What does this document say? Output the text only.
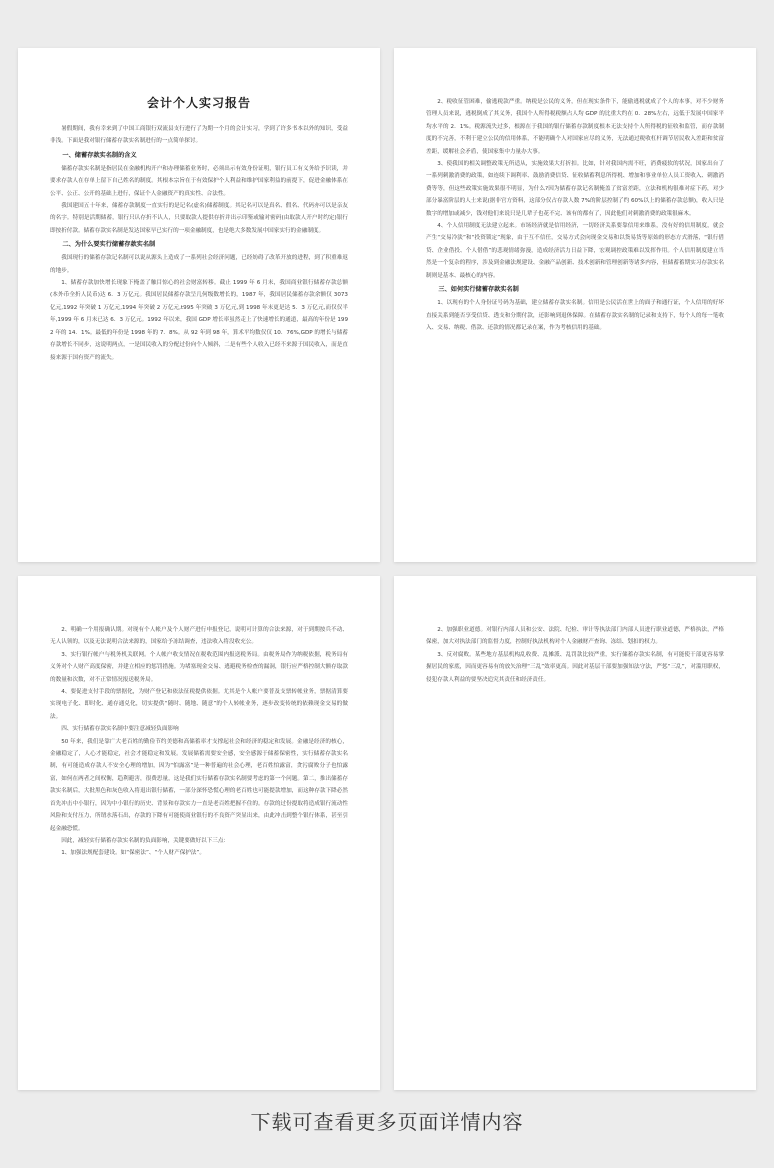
会计个人实习报告

暑假期间，我有幸来到了中国工商银行双流县支行进行了为期一个月的会计实习，学到了许多书本以外的知识，受益非浅。下面是我对银行储蓄存款实名制进行的一点简单探讨。

一、储蓄存款实名制的含义

储蓄存款实名制是指居民在金融机构开户和办理储蓄业务时，必须出示有效身份证明，银行员工有义务给予识读，并要求存款人在存单上留下自己姓名的制度。其根本宗旨在于有效保护个人利益和维护国家利益的前提下，促进金融体系在公平、公正、公开的基础上进行，保证个人金融资产的真实性、合法性。

我国建国五十年来，储蓄存款制度一直实行的是记名(虚名)储蓄制度。其记名可以是真名、假名、代码亦可以是亲友的名字。特别是活期储蓄，银行只认存折不认人，只要取款人提供存折并出示印鉴或输对密码(由取款人开户时约定)银行即按折付款。储蓄存款实名制是发达国家早已实行的一项金融制度，也是绝大多数发展中国家实行的金融制度。

二、为什么要实行储蓄存款实名制

我国现行的储蓄存款记名制可以说从源头上造成了一系列社会经济问题，已经妨碍了改革开放的进程，到了积重难返的地步。

1、储蓄存款加快增长现象下掩盖了触目惊心的社会财富转移。截止 1999 年 6 月末，我国商业银行储蓄存款总额(本外币全折人民币)达 6．3 万亿元。我国居民储蓄存款呈几何级数增长的，1987 年，我国居民储蓄存款余额仅 3073 亿元,1992 年突破 1 万亿元,1994 年突破 2 万亿元,t995 年突破 3 万亿元,到 1998 年末更是达 5．3 万亿元,而仅仅半年,1999 年 6 月末已达 6．3 万亿元。1992 年以来，我国 GDP 增长率虽然走上了快速增长的通道，最高的年份是 1992 年的 14．1%。最低的年份是 1998 年的 7．8%。从 92 年到 98 年，算术平均数仅仅 10．76%,GDP 的增长与储蓄存款增长不同步，这说明两点，一是国民收入的分配过份向个人倾斜，二是有些个人收入已经不来源于国民收入，而是直接来源于国有资产的流失。

2、税收征管困难，偷逃税款严重。纳税是公民的义务，但在现实条件下，能偷逃税就成了个人的本事，对不少财务管理人员来说，逃税倒成了其义务，我国个人所得税税额占人均 GDP 的比重大约在 0．28%左右，远低于发展中国家平均水平的 2．1%。税源流失过多，根源在于我国的银行储蓄存款制度根本无法支持个人所得税的征收和监管，而存款制度的不完善，不利于建立公民的信用体系，不能明确个人对国家应尽的义务，无法通过税收杠杆调节居民收入差距和贫富差距，缓解社会矛盾，使国家集中力量办大事。

3、使我国的相关调整政策无所适从，实施效果大打折扣。比如，针对我国内需不旺，消费疲软的状况，国家出台了一系列刺激消费的政策，如连续下调利率、鼓励消费信贷、征收储蓄利息所得税、增加和事业单位人员工资收入、刺激消费等等，但这些政策实施效果很不明显，为什么?因为储蓄存款记名制掩盖了贫富差距，立法和机构很难对症下药，对少部分暴富阶层的人士来说(据非官方资料，这部分仅占存款人数 7%的阶层控制了约 60%以上的储蓄存款总额)，收入只是数字的增加或减少，钱对他们来说只是几辈子也花不完、该有的都有了，因此他们对刺激消费的政策很麻木。

4、个人信用制度无法建立起来。市场经济就是信用经济，一切经济关系要靠信用来维系，没有好的信用制度，就会产生“交易冷淡”和“投资锁定”现象，由于互不信任，交易方式会向现金交易和以货易货等原始的形态方式滑落，“银行借贷、企业借投、个人借借”的悲观情绪弥漫，造成经济活力日益下降，宏观调控政策难以发挥作用。个人信用制度建立当然是一个复杂的程序，涉及到金融法规建设、金融产品创新、技术创新和管理创新等诸多内容，但储蓄蓄期实习存款实名制则是基本、最核心的内容。

三、如何实行储蓄存款实名制

1、以现有的个人身份证号码为基础，建立储蓄存款实名制。信用是公民活在世上的面子和通行证，个人信用的好坏直接关系到能否享受信贷、透支和分期付款，还影响到退休保障。在储蓄存款实名制的记录和支持下，每个人的每一笔收入、交易、纳税、借款、还款的情况都记录在案，作为考核信用的基础。

2、明确一个用报确认期。对现有个人帐户及个人财产进行申报登记，说明可计算的合法来源，对于到期按兵不动、无人认领的，以及无法说明合法来源的，国家给予冻结调查，违法收入将没收充公。

3、实行银行帐户与税务机关联网。个人帐户收支情况在税收范围内报送税务局。由税务局作为纳税依据，税务局有义务对个人财产高度保密，并建立相应的惩罚措施。为堵塞现金交易、逃避税务检查的漏洞，银行应严格控制大额存取款的数量和次数，对不正常情况报送税务局。

4、要促进支付手段的票据化，为财产登记和依法征税提供依据。尤其是个人帐户要普及支票转帐业务，票据清算要实现电子化、即时化、通存通兑化，切实提供“随时、随地、随意”的个人转帐业务，逐步改变传统的依赖现金交易的做法。

四、实行储蓄存款实名制中要注意减轻负面影响

50 年来，我们是靠广大老百姓的勤俭节约美德和高储蓄率才支撑起社会和经济的稳定和发展。金融是经济的核心，金融稳定了，人心才能稳定，社会才能稳定和发展。发展储蓄需要安全感，安全感源于储蓄保密性，实行储蓄存款实名制，有可能造成存款人不安全心理的增加，因为“怕露富”是一种普遍的社会心理，老百姓怕露富，贪污腐败分子也怕露富，如何在两者之间权衡，趋利避害，很费思量，这是我们实行储蓄存款实名制要考虑的第一个问题。第二，推出储蓄存款实名制后，大批黑色和灰色收入将退出银行储蓄，一部分深怀恐慌心理的老百姓也可能提款增加，而这种存款下降必然首先冲击中小银行，因为中小银行的历史、背景和存款实力一直是老百姓把握不住的。存款的过份提取将造成银行流动性风险和支付压力，所谓水落石出，存款的下降有可能使商业银行的不良资产突显出来，由此冲击到整个银行体系，甚至引起金融恐慌。

因此，减轻实行储蓄存款实名制的负面影响，关键要做好以下三点：

1、加强法规配套建设。如“保密法”、“个人财产保护法”。

2、加强职业道德。对银行内部人员和公安、法院、纪检、审计等执法部门内部人员进行职业道德，严格执法，严格保密，加大对执法部门的监督力度，控制好执法机构对个人金融财产查询、冻结、划扣的权力。

3、反对腐败。某些地方基层机构乱收费、乱摊派、乱罚款比较严重，实行储蓄存款实名制，有可能使干部更容易掌握居民的家底，因而更容易有的放矢治理“三乱”效率更高。因此对基层干部要加强知法守法，严惩“三乱”，对滥用职权，侵犯存款人利益的要坚决追究其责任和经济责任。

下载可查看更多页面详情内容
